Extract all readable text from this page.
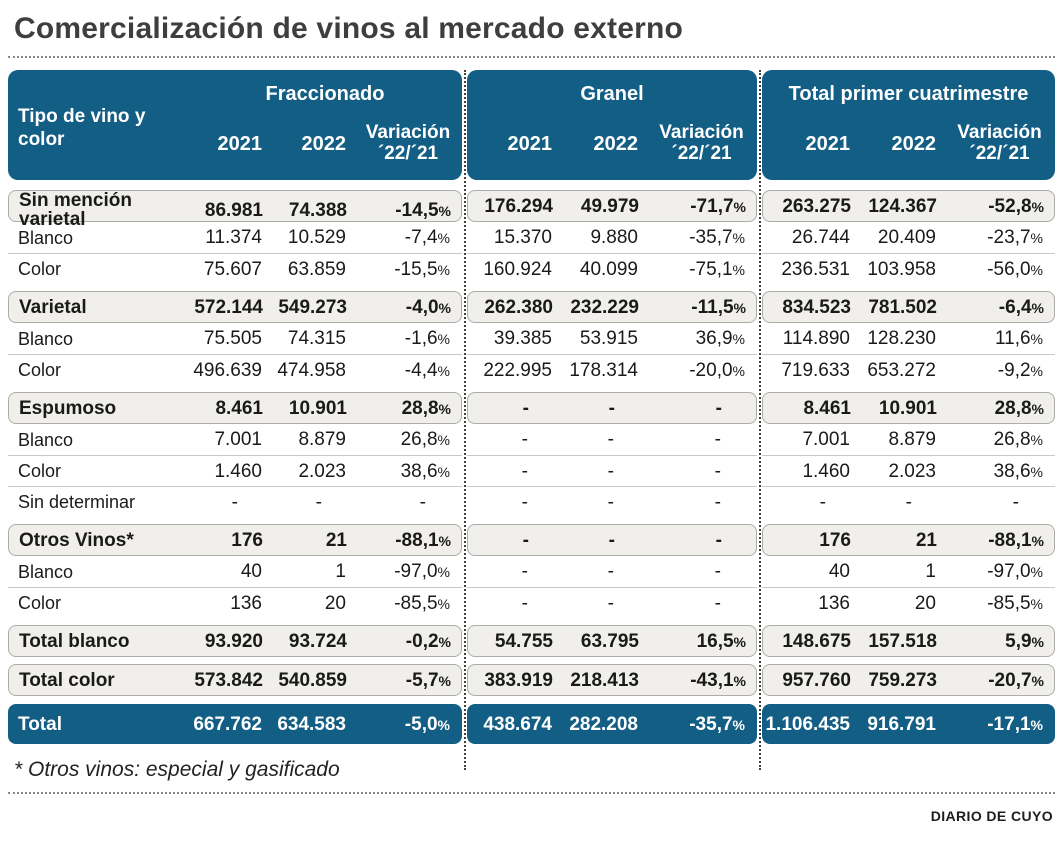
Comercialización de vinos al mercado externo
Tipo de vino y color
Fraccionado
2021	2022	Variación ´22/´21
Granel
2021	2022	Variación ´22/´21
Total primer cuatrimestre
2021	2022	Variación ´22/´21
Sin mención varietal	86.981	74.388	-14,5%	176.294	49.979	-71,7%	263.275 124.367	-52,8%
Blanco	11.374	10.529	-7,4%	15.370	9.880	-35,7%	26.744	20.409	-23,7%
Color	75.607	63.859	-15,5%	160.924	40.099	-75,1%	236.531 103.958	-56,0%
Varietal	572.144 549.273	-4,0%	262.380 232.229	-11,5%	834.523 781.502	-6,4%
Blanco	75.505	74.315	-1,6%	39.385	53.915	36,9%	114.890 128.230	11,6%
Color	496.639 474.958	-4,4%	222.995 178.314	-20,0%	719.633 653.272	-9,2%
Espumoso	8.461	10.901	28,8%	-	-	-	8.461	10.901	28,8%
Blanco	7.001	8.879	26,8%	-	-	-	7.001	8.879	26,8%
Color	1.460	2.023	38,6%	-	-	-	1.460	2.023	38,6%
Sin determinar	-	-	-	-	-	-	-	-	-
Otros Vinos*	176	21	-88,1%	-	-	-	176	21	-88,1%
Blanco	40	1	-97,0%	-	-	-	40	1	-97,0%
Color	136	20	-85,5%	-	-	-	136	20	-85,5%
Total blanco	93.920	93.724	-0,2%	54.755	63.795	16,5%	148.675 157.518	5,9%
Total color	573.842 540.859	-5,7%	383.919 218.413	-43,1%	957.760 759.273	-20,7%
Total	667.762 634.583	-5,0%	438.674 282.208	-35,7%	1.106.435 916.791	-17,1%
* Otros vinos: especial y gasificado
DIARIO DE CUYO
